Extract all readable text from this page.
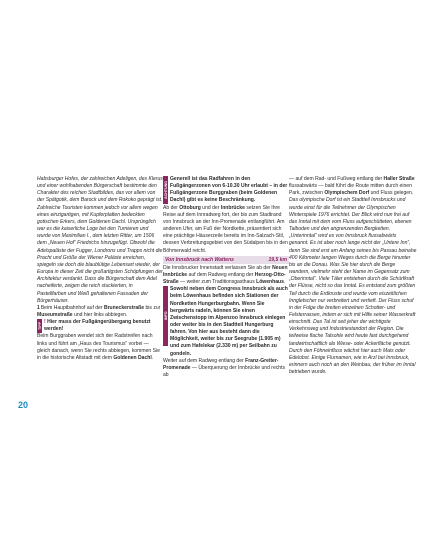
Habsburger Hofes, der zahlreichen Adeligen, des Klerus und einer wohlhabenden Bürgerschaft bestimmte den Charakter des reichen Stadtbildes, das vor allem von der Spätgotik, dem Barock und dem Rokoko geprägt ist. Zahlreiche Touristen kommen jedoch vor allem wegen eines einzigartigen, mit Kupferplatten bedeckten gotischen Erkers, dem Goldenen Dachl. Ursprünglich war es die kaiserliche Loge bei den Turnieren und wurde von Maximilian I., dem letzten Ritter, um 1506 dem „Neuen Hof“ Friedrichs hinzugefügt. Obwohl die Adelspaläste der Fugger, Londrons und Trapps nicht die Pracht und Größe der Wiener Paläste erreichen, spiegeln sie doch die blaublütige Lebensart wieder, der Europa in dieser Zeit die großartigsten Schöpfungen der Architektur verdankt. Dass die Bürgerschaft dem Adel nacheiferte, zeigen die reich stuckierten, in Pastellfarben und Weiß gehaltenen Fassaden der Bürgerhäuser.

1Beim Hauptbahnhof auf der Bruneckerstraße bis zur Museumstraße und hier links abbiegen.

TIPP ! Hier muss der Fußgängerübergang benutzt werden!

Beim Burggraben wendet sich der Radstreifen nach links und führt am „Haus des Tourismus“ vorbei — gleich danach, wenn Sie rechts abbiegen, kommen Sie in die historische Altstadt mit dem Goldenen Dachl.

ACHTUNG
Generell ist das Radfahren in den Fußgängerzonen von 6-10.30 Uhr erlaubt – in der Fußgängerzone Burggraben (beim Goldenen Dachl) gibt es keine Beschränkung.

Ab der Ottoburg und der Innbrücke setzen Sie Ihre Reise auf dem Innradweg fort, der bis zum Stadtrand von Innsbruck an der Inn-Promenade entlangführt. Am anderen Ufer, am Fuß der Nordkette, präsentiert sich eine prächtige Häuserzeile bereits im Inn-Salzach-Stil, dessen Verbreitungsgebiet von den Südalpen bis in den Böhmerwald reicht.

Von Innsbruck nach Wattens	19,5 km

Die Innsbrucker Innenstadt verlassen Sie ab der Neuen Innbrücke auf dem Radweg entlang der Herzog-Otto-Straße — weiter zum Traditionsgasthaus Löwenhaus.

INFO
Sowohl neben dem Congress Innsbruck als auch beim Löwenhaus befinden sich Stationen der Nordketten Hungerburgbahn. Wenn Sie bergwärts radeln, können Sie einen Zwischenstopp im Alpenzoo Innsbruck einlegen oder weiter bis in den Stadtteil Hungerburg fahren. Von hier aus besteht dann die Möglichkeit, weiter bis zur Seegrube (1.905 m) und zum Hafelekar (2.330 m) per Seilbahn zu gondeln.

Weiter auf dem Radweg entlang der Franz-Greiter-Promenade — Überquerung der Innbrücke und rechts ab

— auf dem Rad- und Fußweg entlang der Haller Straße flussabwärts — bald führt die Route mitten durch einen Park, zwischen Olympischem Dorf und Fluss gelegen.

Das olympische Dorf ist ein Stadtteil Innsbrucks und wurde einst für die Teilnehmer der Olympischen Winterspiele 1976 errichtet. Der Blick wird nun frei auf das Inntal mit dem vom Fluss aufgeschütteten, ebenen Talboden und den angrenzenden Bergketten. „Unterinntal“ wird es von Innsbruck flussabwärts genannt. Es ist aber noch lange nicht der „Untere Inn“, denn Sie sind erst am Anfang seines bis Passau beinahe 400 Kilometer langen Weges durch die Berge hinunter bis an die Donau. Was Sie hier durch die Berge wandern, vielmehr steht der Name im Gegensatz zum „Oberinntal“. Viele Täler entstehen durch die Schürfkraft der Flüsse, nicht so das Inntal. Es entstand zum größten Teil durch die Erdkruste und wurde vom eiszeitlichen Inngletscher nur verbreitert und vertieft. Der Fluss schuf in der Folge die breiten einzelnen Schotter- und Felsterrassen, indem er sich mit Hilfe seiner Wasserkraft einschnitt. Das Tal ist seit jeher der wichtigste Verkehrsweg und Industriestandort der Region. Die teilweise flache Talsohle wird heute fast durchgehend landwirtschaftlich als Wiese- oder Ackerfläche genutzt. Durch den Föhneinfluss wächst hier auch Mais oder Edelobst. Einige Flurnamen, wie in Arzl bei Innsbruck, erinnern auch noch an den Weinbau, der früher im Inntal betrieben wurde.

20
